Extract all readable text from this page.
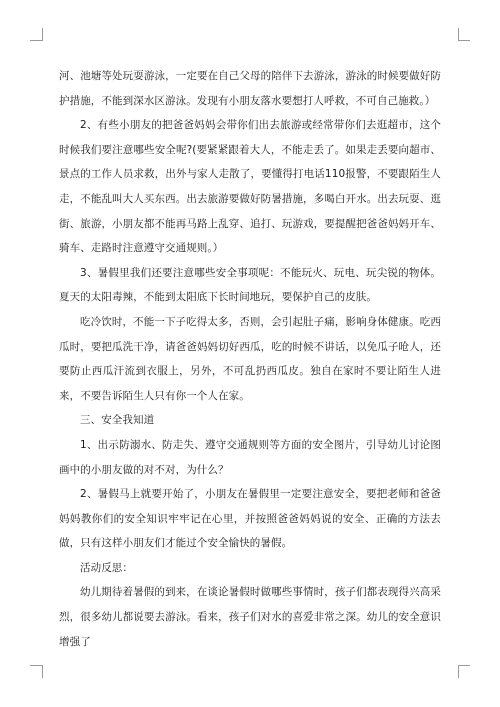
河、池塘等处玩耍游泳，一定要在自己父母的陪伴下去游泳，游泳的时候要做好防护措施，不能到深水区游泳。发现有小朋友落水要想打人呼救，不可自己施救。）

2、有些小朋友的把爸爸妈妈会带你们出去旅游或经常带你们去逛超市，这个时候我们要注意哪些安全呢?(要紧紧跟着大人，不能走丢了。如果走丢要向超市、景点的工作人员求救，出外与家人走散了，要懂得打电话110报警，不要跟陌生人走，不能乱叫大人买东西。出去旅游要做好防暑措施，多喝白开水。出去玩耍、逛街、旅游，小朋友都不能再马路上乱穿、追打、玩游戏，要提醒把爸爸妈妈开车、骑车、走路时注意遵守交通规则。）

3、暑假里我们还要注意哪些安全事项呢：不能玩火、玩电、玩尖锐的物体。夏天的太阳毒辣，不能到太阳底下长时间地玩，要保护自己的皮肤。

吃冷饮时，不能一下子吃得太多，否则，会引起肚子痛，影响身体健康。吃西瓜时，要把瓜洗干净，请爸爸妈妈切好西瓜，吃的时候不讲话，以免瓜子呛人，还要防止西瓜汗流到衣服上，另外，不可乱扔西瓜皮。独自在家时不要让陌生人进来，不要告诉陌生人只有你一个人在家。

三、安全我知道

1、出示防溺水、防走失、遵守交通规则等方面的安全图片，引导幼儿讨论图画中的小朋友做的对不对，为什么？

2、暑假马上就要开始了，小朋友在暑假里一定要注意安全，要把老师和爸爸妈妈教你们的安全知识牢牢记在心里，并按照爸爸妈妈说的安全、正确的方法去做，只有这样小朋友们才能过个安全愉快的暑假。

活动反思：

幼儿期待着暑假的到来，在谈论暑假时做哪些事情时，孩子们都表现得兴高采烈，很多幼儿都说要去游泳。看来，孩子们对水的喜爱非常之深。幼儿的安全意识增强了
